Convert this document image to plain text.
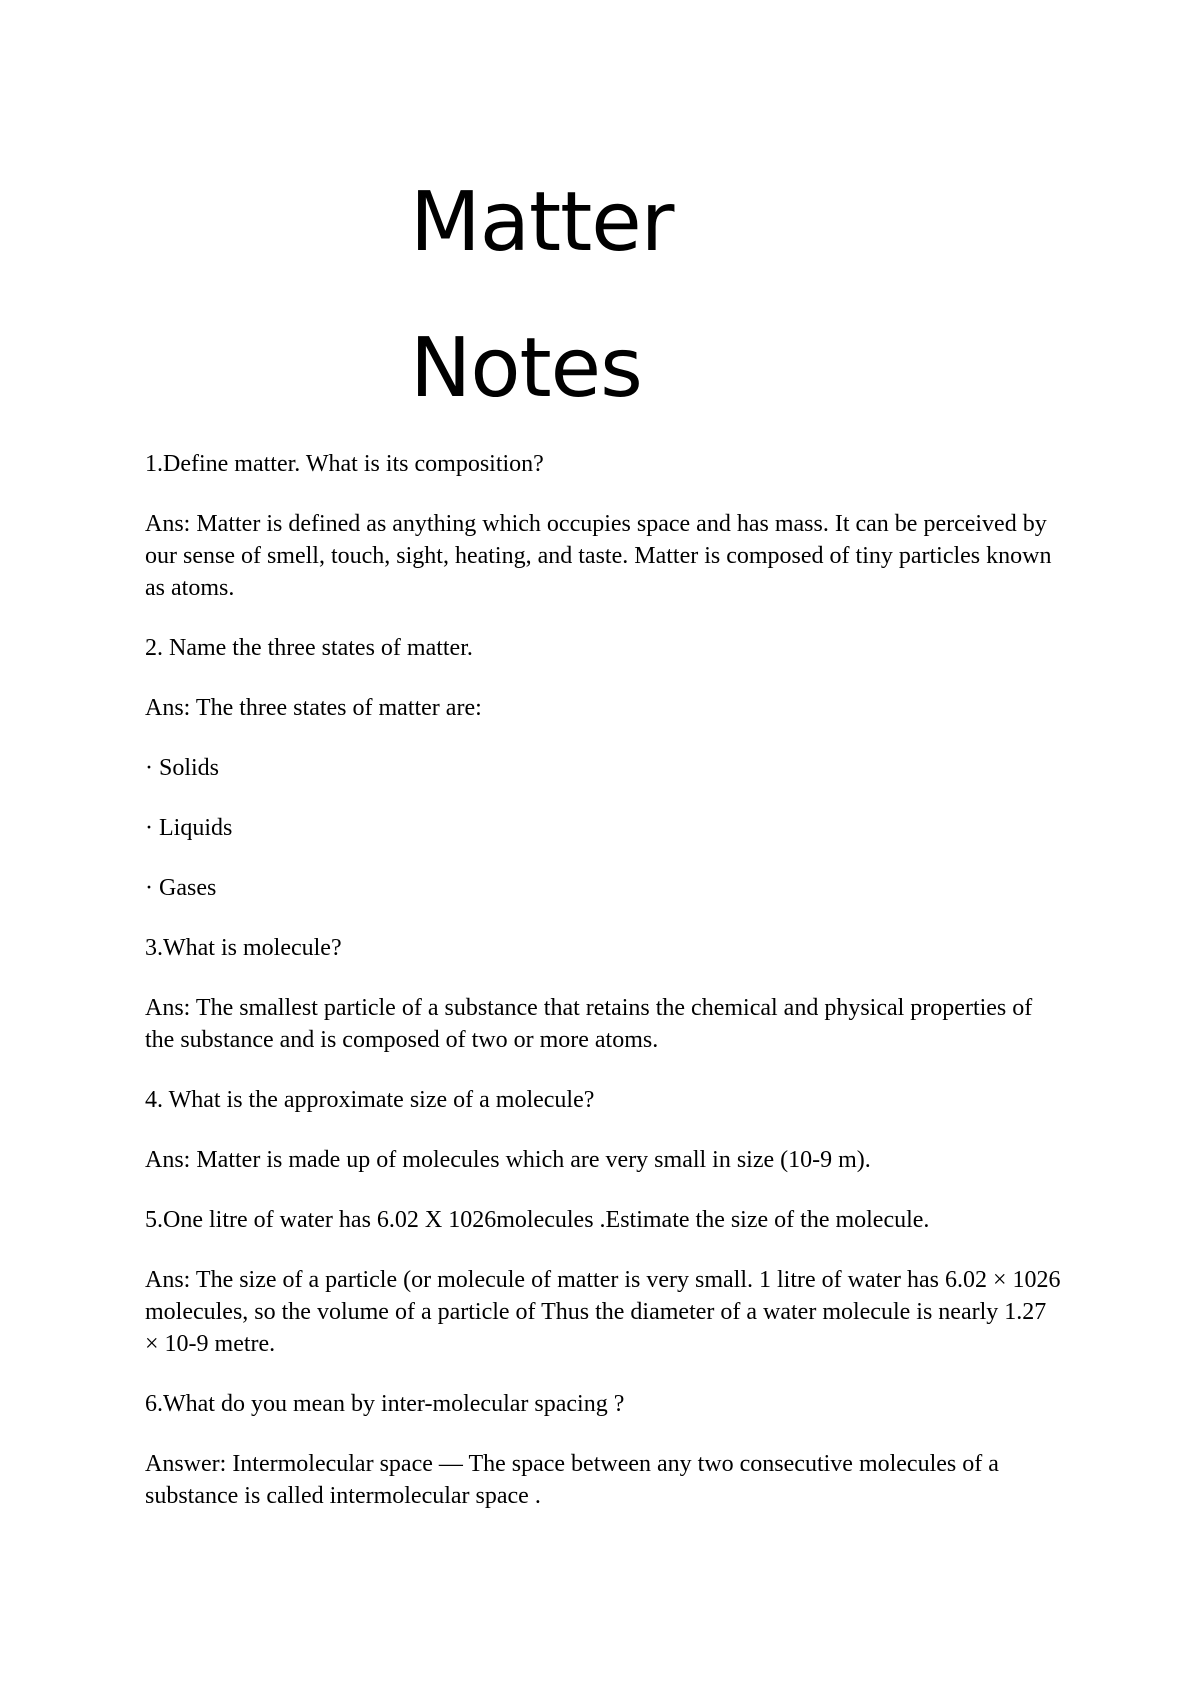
Matter
Notes

1.Define matter. What is its composition?

Ans: Matter is defined as anything which occupies space and has mass. It can be perceived by our sense of smell, touch, sight, heating, and taste. Matter is composed of tiny particles known as atoms.

2. Name the three states of matter.

Ans: The three states of matter are:

· Solids

· Liquids

· Gases

3.What is molecule?

Ans: The smallest particle of a substance that retains the chemical and physical properties of the substance and is composed of two or more atoms.

4. What is the approximate size of a molecule?

Ans: Matter is made up of molecules which are very small in size (10-9 m).

5.One litre of water has 6.02 X 1026molecules .Estimate the size of the molecule.

Ans: The size of a particle (or molecule of matter is very small. 1 litre of water has 6.02 × 1026 molecules, so the volume of a particle of Thus the diameter of a water molecule is nearly 1.27 × 10-9 metre.

6.What do you mean by inter-molecular spacing ?

Answer: Intermolecular space — The space between any two consecutive molecules of a substance is called intermolecular space .
